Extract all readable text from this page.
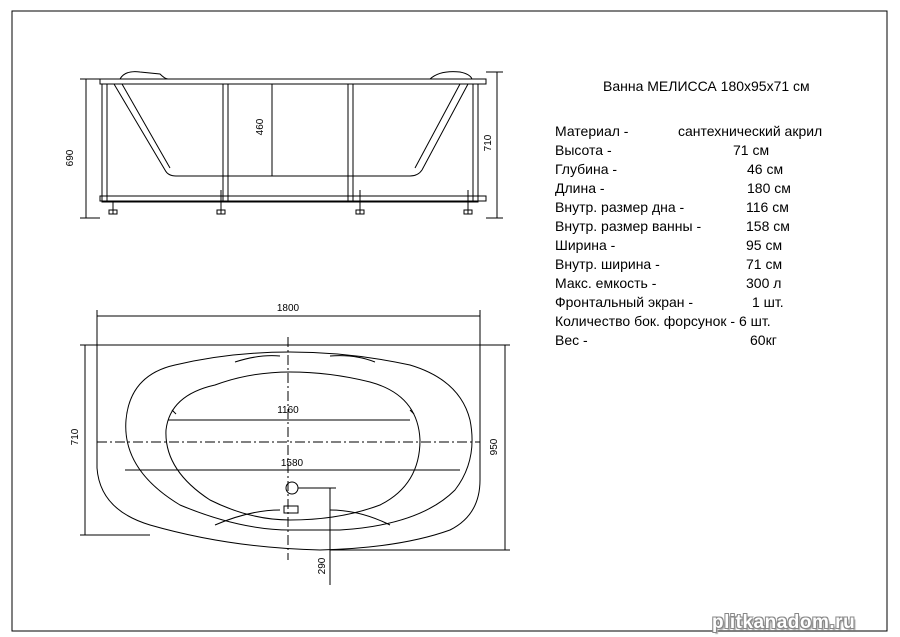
690
460
710
1800
1160
1580
710
950
290
Ванна МЕЛИССА 180x95x71 см
Материал -	сантехнический акрил
Высота -	71 см
Глубина -	46 см
Длина -	180 см
Внутр. размер дна -	116 см
Внутр. размер ванны -	158 см
Ширина -	95 см
Внутр. ширина -	71 см
Макс. емкость -	300 л
Фронтальный экран -	1 шт.
Количество бок. форсунок - 6 шт.
Вес -	60кг
plitkanadom.ru
